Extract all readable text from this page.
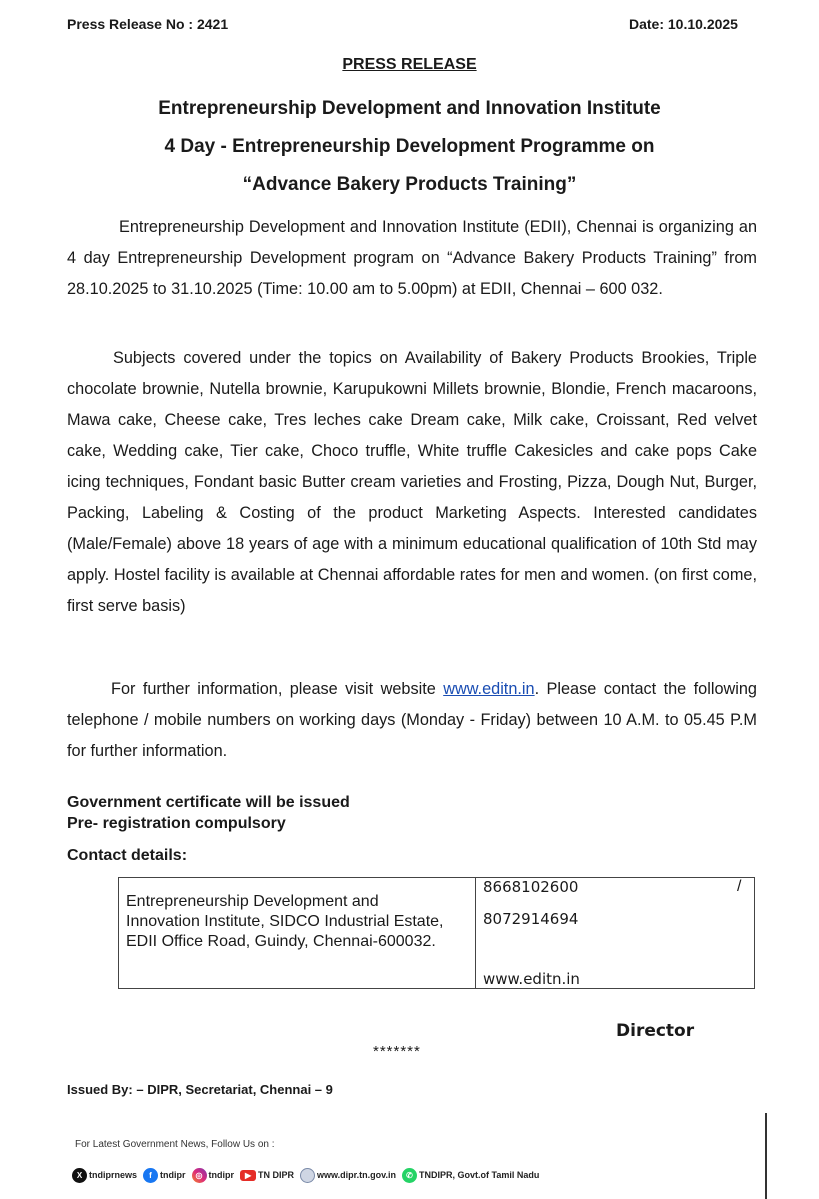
Press Release No : 2421	Date: 10.10.2025
PRESS RELEASE
Entrepreneurship Development and Innovation Institute
4 Day - Entrepreneurship Development Programme on
“Advance Bakery Products Training”

Entrepreneurship Development and Innovation Institute (EDII), Chennai is organizing an 4 day Entrepreneurship Development program on “Advance Bakery Products Training” from 28.10.2025 to 31.10.2025 (Time: 10.00 am to 5.00pm) at EDII, Chennai – 600 032.

Subjects covered under the topics on Availability of Bakery Products Brookies, Triple chocolate brownie, Nutella brownie, Karupukowni Millets brownie, Blondie, French macaroons, Mawa cake, Cheese cake, Tres leches cake Dream cake, Milk cake, Croissant, Red velvet cake, Wedding cake, Tier cake, Choco truffle, White truffle Cakesicles and cake pops Cake icing techniques, Fondant basic Butter cream varieties and Frosting, Pizza, Dough Nut, Burger, Packing, Labeling & Costing of the product Marketing Aspects. Interested candidates (Male/Female) above 18 years of age with a minimum educational qualification of 10th Std may apply. Hostel facility is available at Chennai affordable rates for men and women. (on first come, first serve basis)

For further information, please visit website www.editn.in. Please contact the following telephone / mobile numbers on working days (Monday - Friday) between 10 A.M. to 05.45 P.M for further information.

Government certificate will be issued
Pre- registration compulsory
Contact details:
Entrepreneurship Development and Innovation Institute, SIDCO Industrial Estate, EDII Office Road, Guindy, Chennai-600032.
8668102600	/
8072914694
www.editn.in
Director
*******
Issued By: – DIPR, Secretariat, Chennai – 9
For Latest Government News, Follow Us on :
X tndiprnews	f tndipr	◎ tndipr	▶ TN DIPR	www.dipr.tn.gov.in	✆ TNDIPR, Govt.of Tamil Nadu
